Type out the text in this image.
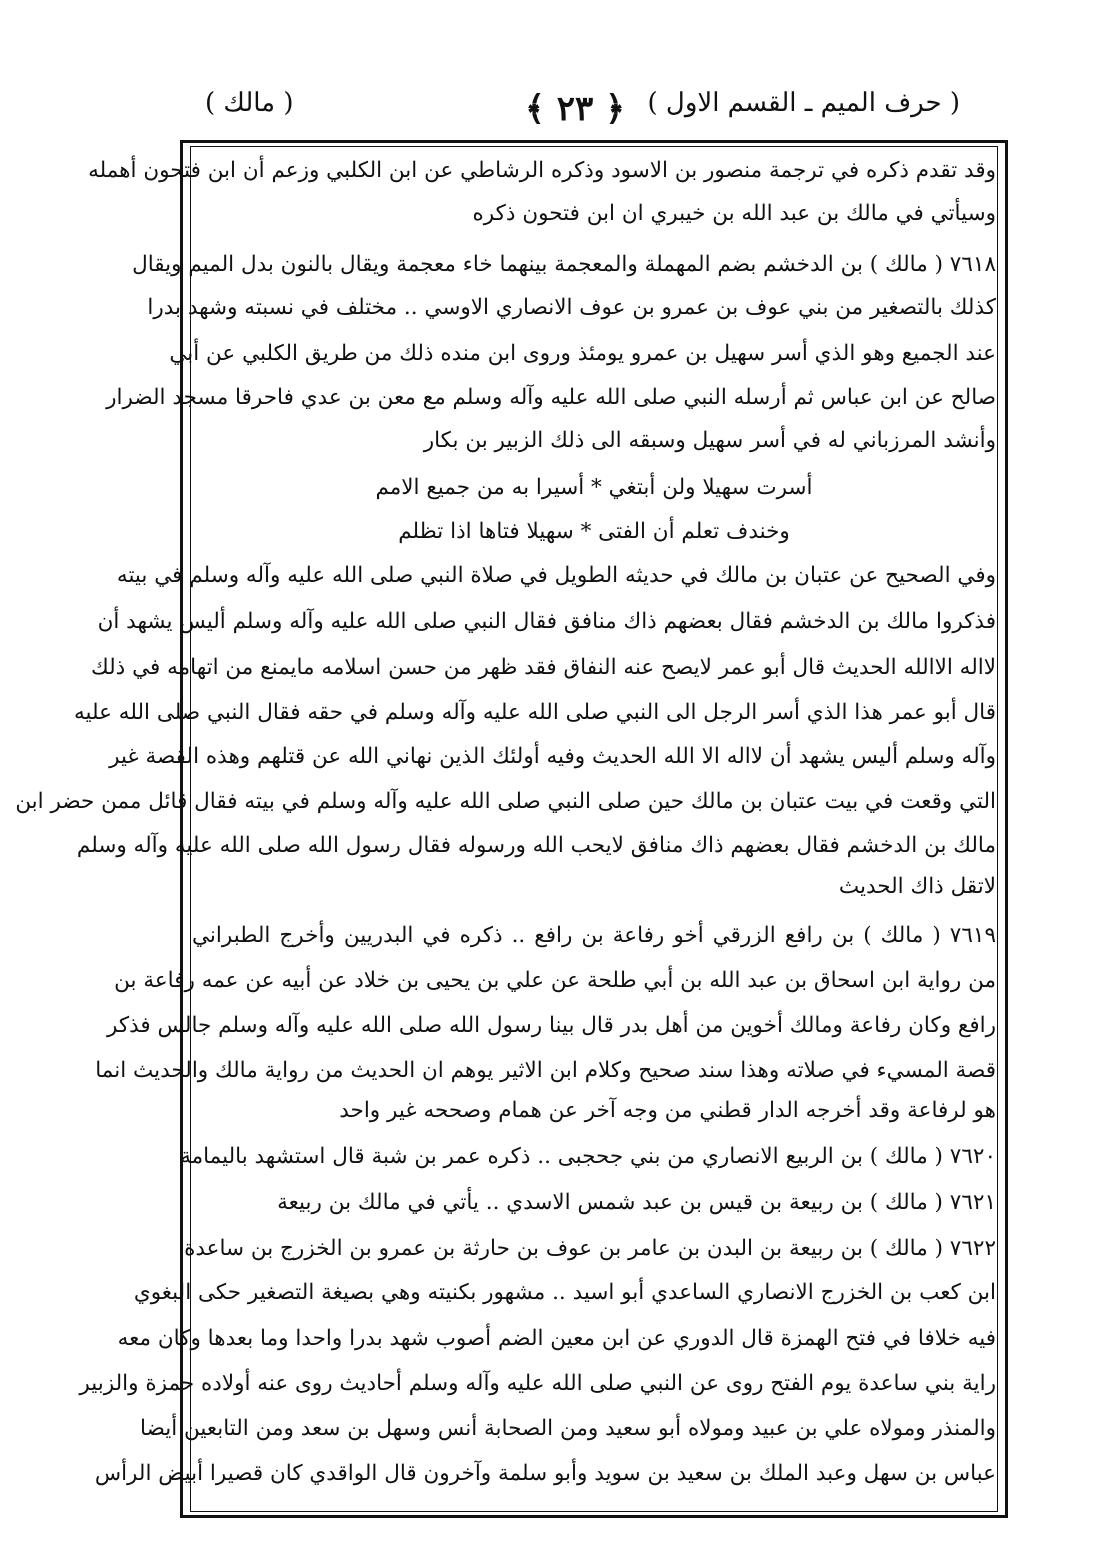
( حرف الميم ـ القسم الاول )
﴿ ٢٣ ﴾
( مالك )
وقد تقدم ذكره في ترجمة منصور بن الاسود وذكره الرشاطي عن ابن الكلبي وزعم أن ابن فتحون أهمله
وسيأتي في مالك بن عبد الله بن خيبري ان ابن فتحون ذكره
٧٦١٨ ( مالك ) بن الدخشم بضم المهملة والمعجمة بينهما خاء معجمة ويقال بالنون بدل الميم ويقال
كذلك بالتصغير من بني عوف بن عمرو بن عوف الانصاري الاوسي .. مختلف في نسبته وشهد بدرا
عند الجميع وهو الذي أسر سهيل بن عمرو يومئذ وروى ابن منده ذلك من طريق الكلبي عن أبي
صالح عن ابن عباس ثم أرسله النبي صلى الله عليه وآله وسلم مع معن بن عدي فاحرقا مسجد الضرار
وأنشد المرزباني له في أسر سهيل وسبقه الى ذلك الزبير بن بكار
أسرت سهيلا ولن أبتغي * أسيرا به من جميع الامم
وخندف تعلم أن الفتى * سهيلا فتاها اذا تظلم
وفي الصحيح عن عتبان بن مالك في حديثه الطويل في صلاة النبي صلى الله عليه وآله وسلم في بيته
فذكروا مالك بن الدخشم فقال بعضهم ذاك منافق فقال النبي صلى الله عليه وآله وسلم أليس يشهد أن
لااله الاالله الحديث قال أبو عمر لايصح عنه النفاق فقد ظهر من حسن اسلامه مايمنع من اتهامه في ذلك
قال أبو عمر هذا الذي أسر الرجل الى النبي صلى الله عليه وآله وسلم في حقه فقال النبي صلى الله عليه
وآله وسلم أليس يشهد أن لااله الا الله الحديث وفيه أولئك الذين نهاني الله عن قتلهم وهذه القصة غير
التي وقعت في بيت عتبان بن مالك حين صلى النبي صلى الله عليه وآله وسلم في بيته فقال قائل ممن حضر ابن
مالك بن الدخشم فقال بعضهم ذاك منافق لايحب الله ورسوله فقال رسول الله صلى الله عليه وآله وسلم
لاتقل ذاك الحديث
٧٦١٩ ( مالك ) بن رافع الزرقي أخو رفاعة بن رافع .. ذكره في البدريين وأخرج الطبراني
من رواية ابن اسحاق بن عبد الله بن أبي طلحة عن علي بن يحيى بن خلاد عن أبيه عن عمه رفاعة بن
رافع وكان رفاعة ومالك أخوين من أهل بدر قال بينا رسول الله صلى الله عليه وآله وسلم جالس فذكر
قصة المسيء في صلاته وهذا سند صحيح وكلام ابن الاثير يوهم ان الحديث من رواية مالك والحديث انما
هو لرفاعة وقد أخرجه الدار قطني من وجه آخر عن همام وصححه غير واحد
٧٦٢٠ ( مالك ) بن الربيع الانصاري من بني جحجبى .. ذكره عمر بن شبة قال استشهد باليمامة
٧٦٢١ ( مالك ) بن ربيعة بن قيس بن عبد شمس الاسدي .. يأتي في مالك بن ربيعة
٧٦٢٢ ( مالك ) بن ربيعة بن البدن بن عامر بن عوف بن حارثة بن عمرو بن الخزرج بن ساعدة
ابن كعب بن الخزرج الانصاري الساعدي أبو اسيد .. مشهور بكنيته وهي بصيغة التصغير حكى البغوي
فيه خلافا في فتح الهمزة قال الدوري عن ابن معين الضم أصوب شهد بدرا واحدا وما بعدها وكان معه
راية بني ساعدة يوم الفتح روى عن النبي صلى الله عليه وآله وسلم أحاديث روى عنه أولاده حمزة والزبير
والمنذر ومولاه علي بن عبيد ومولاه أبو سعيد ومن الصحابة أنس وسهل بن سعد ومن التابعين أيضا
عباس بن سهل وعبد الملك بن سعيد بن سويد وأبو سلمة وآخرون قال الواقدي كان قصيرا أبيض الرأس
